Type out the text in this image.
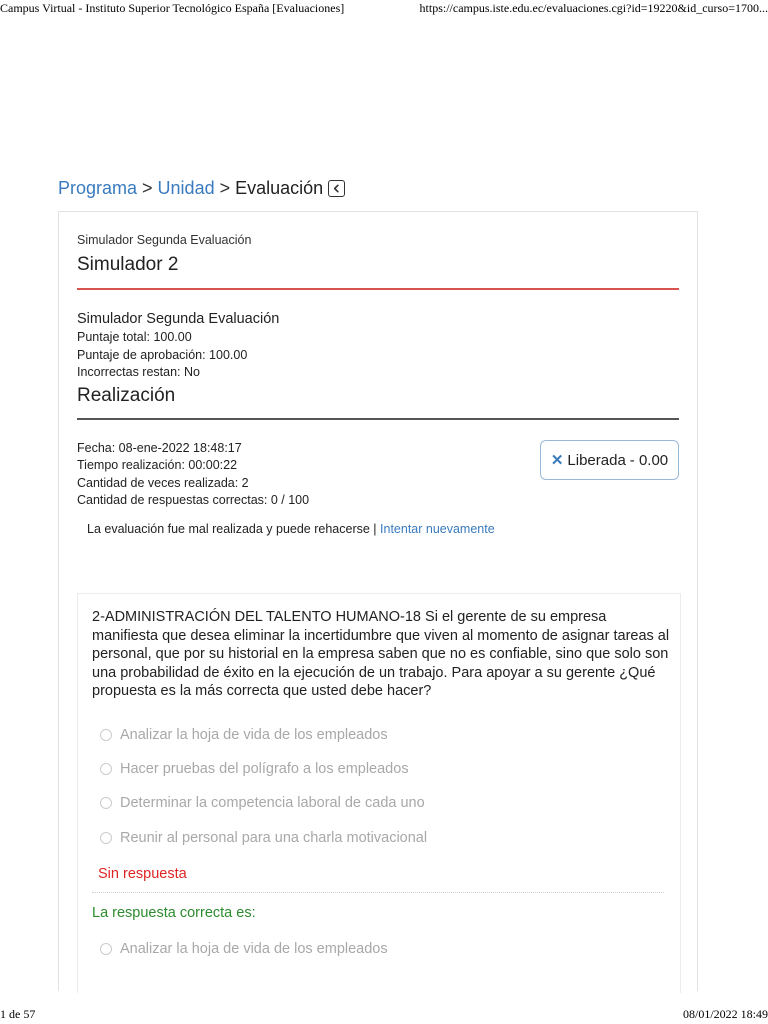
Campus Virtual - Instituto Superior Tecnológico España [Evaluaciones]	https://campus.iste.edu.ec/evaluaciones.cgi?id=19220&id_curso=1700...
Programa > Unidad > Evaluación
Simulador Segunda Evaluación
Simulador 2
Simulador Segunda Evaluación
Puntaje total: 100.00
Puntaje de aprobación: 100.00
Incorrectas restan: No
Realización
Fecha: 08-ene-2022 18:48:17
Tiempo realización: 00:00:22
Cantidad de veces realizada: 2
Cantidad de respuestas correctas: 0 / 100
✕ Liberada - 0.00
La evaluación fue mal realizada y puede rehacerse | Intentar nuevamente
2-ADMINISTRACIÓN DEL TALENTO HUMANO-18 Si el gerente de su empresa manifiesta que desea eliminar la incertidumbre que viven al momento de asignar tareas al personal, que por su historial en la empresa saben que no es confiable, sino que solo son una probabilidad de éxito en la ejecución de un trabajo. Para apoyar a su gerente ¿Qué propuesta es la más correcta que usted debe hacer?
Analizar la hoja de vida de los empleados
Hacer pruebas del polígrafo a los empleados
Determinar la competencia laboral de cada uno
Reunir al personal para una charla motivacional
Sin respuesta
La respuesta correcta es:
Analizar la hoja de vida de los empleados
1 de 57	08/01/2022 18:49
